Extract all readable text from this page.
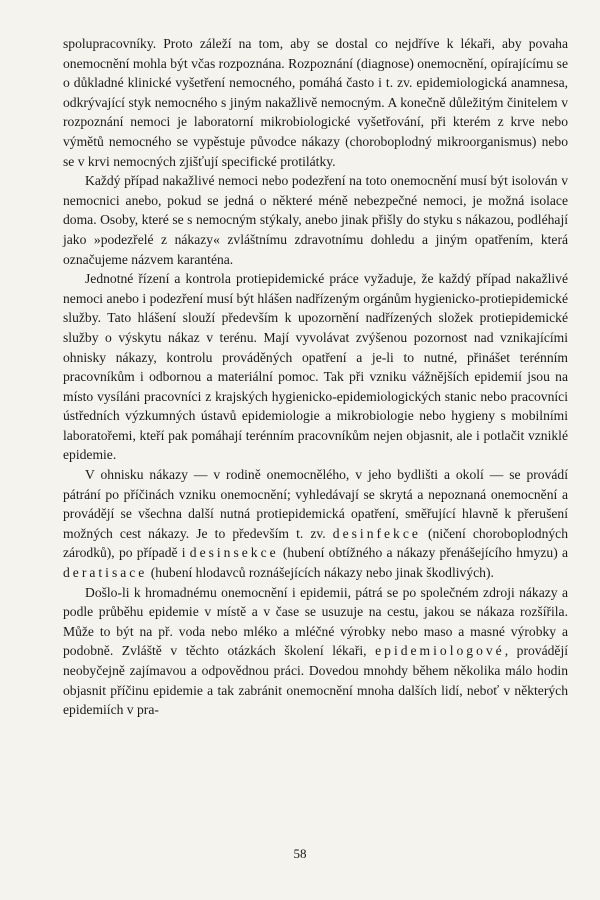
spolupracovníky. Proto záleží na tom, aby se dostal co nejdříve k lékaři, aby povaha onemocnění mohla být včas rozpoznána. Rozpoznání (diagnose) onemocnění, opírajícímu se o důkladné klinické vyšetření nemocného, pomáhá často i t. zv. epidemiologická anamnesa, odkrývající styk nemocného s jiným nakažlivě nemocným. A konečně důležitým činitelem v rozpoznání nemoci je laboratorní mikrobiologické vyšetřování, při kterém z krve nebo výmětů nemocného se vypěstuje původce nákazy (choroboplodný mikroorganismus) nebo se v krvi nemocných zjišťují specifické protilátky.

Každý případ nakažlivé nemoci nebo podezření na toto onemocnění musí být isolován v nemocnici anebo, pokud se jedná o některé méně nebezpečné nemoci, je možná isolace doma. Osoby, které se s nemocným stýkaly, anebo jinak přišly do styku s nákazou, podléhají jako »podezřelé z nákazy« zvláštnímu zdravotnímu dohledu a jiným opatřením, která označujeme názvem karanténa.

Jednotné řízení a kontrola protiepidemické práce vyžaduje, že každý případ nakažlivé nemoci anebo i podezření musí být hlášen nadřízeným orgánům hygienicko-protiepidemické služby. Tato hlášení slouží především k upozornění nadřízených složek protiepidemické služby o výskytu nákaz v terénu. Mají vyvolávat zvýšenou pozornost nad vznikajícími ohnisky nákazy, kontrolu prováděných opatření a je-li to nutné, přinášet terénním pracovníkům i odbornou a materiální pomoc. Tak při vzniku vážnějších epidemií jsou na místo vysíláni pracovníci z krajských hygienicko-epidemiologických stanic nebo pracovníci ústředních výzkumných ústavů epidemiologie a mikrobiologie nebo hygieny s mobilními laboratořemi, kteří pak pomáhají terénním pracovníkům nejen objasnit, ale i potlačit vzniklé epidemie.

V ohnisku nákazy — v rodině onemocnělého, v jeho bydlišti a okolí — se provádí pátrání po příčinách vzniku onemocnění; vyhledávají se skrytá a nepoznaná onemocnění a provádějí se všechna další nutná protiepidemická opatření, směřující hlavně k přerušení možných cest nákazy. Je to především t. zv. desinfekce (ničení choroboplodných zárodků), po případě i desinsekce (hubení obtížného a nákazy přenášejícího hmyzu) a deratisace (hubení hlodavců roznášejících nákazy nebo jinak škodlivých).

Došlo-li k hromadnému onemocnění i epidemii, pátrá se po společném zdroji nákazy a podle průběhu epidemie v místě a v čase se usuzuje na cestu, jakou se nákaza rozšířila. Může to být na př. voda nebo mléko a mléčné výrobky nebo maso a masné výrobky a podobně. Zvláště v těchto otázkách školení lékaři, epidemiologové, provádějí neobyčejně zajímavou a odpovědnou práci. Dovedou mnohdy během několika málo hodin objasnit příčinu epidemie a tak zabránit onemocnění mnoha dalších lidí, neboť v některých epidemiích v pra-

58
